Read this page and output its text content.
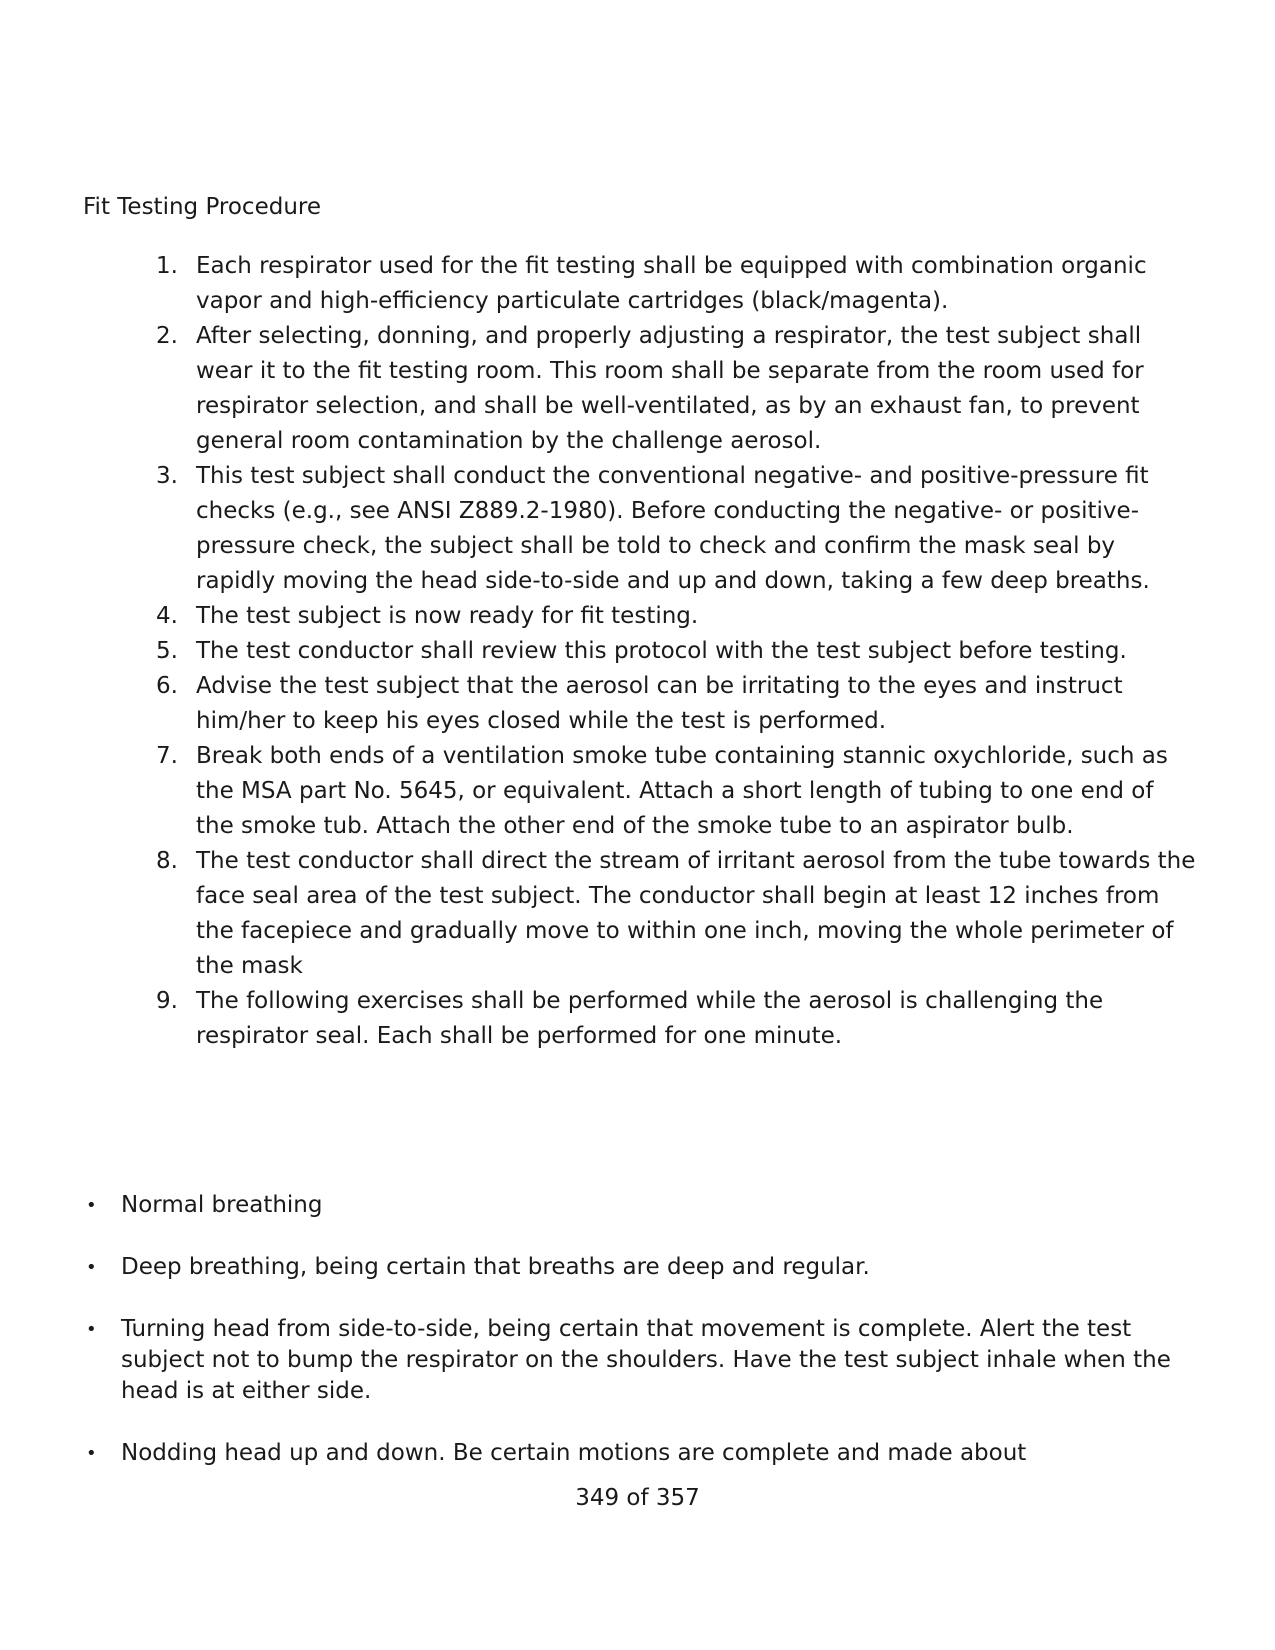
Fit Testing Procedure
1. Each respirator used for the fit testing shall be equipped with combination organic vapor and high-efficiency particulate cartridges (black/magenta).
2. After selecting, donning, and properly adjusting a respirator, the test subject shall wear it to the fit testing room. This room shall be separate from the room used for respirator selection, and shall be well-ventilated, as by an exhaust fan, to prevent general room contamination by the challenge aerosol.
3. This test subject shall conduct the conventional negative- and positive-pressure fit checks (e.g., see ANSI Z889.2-1980). Before conducting the negative- or positive-pressure check, the subject shall be told to check and confirm the mask seal by rapidly moving the head side-to-side and up and down, taking a few deep breaths.
4. The test subject is now ready for fit testing.
5. The test conductor shall review this protocol with the test subject before testing.
6. Advise the test subject that the aerosol can be irritating to the eyes and instruct him/her to keep his eyes closed while the test is performed.
7. Break both ends of a ventilation smoke tube containing stannic oxychloride, such as the MSA part No. 5645, or equivalent. Attach a short length of tubing to one end of the smoke tub. Attach the other end of the smoke tube to an aspirator bulb.
8. The test conductor shall direct the stream of irritant aerosol from the tube towards the face seal area of the test subject. The conductor shall begin at least 12 inches from the facepiece and gradually move to within one inch, moving the whole perimeter of the mask
9. The following exercises shall be performed while the aerosol is challenging the respirator seal. Each shall be performed for one minute.
• Normal breathing
• Deep breathing, being certain that breaths are deep and regular.
• Turning head from side-to-side, being certain that movement is complete. Alert the test subject not to bump the respirator on the shoulders. Have the test subject inhale when the head is at either side.
• Nodding head up and down. Be certain motions are complete and made about
349 of 357
